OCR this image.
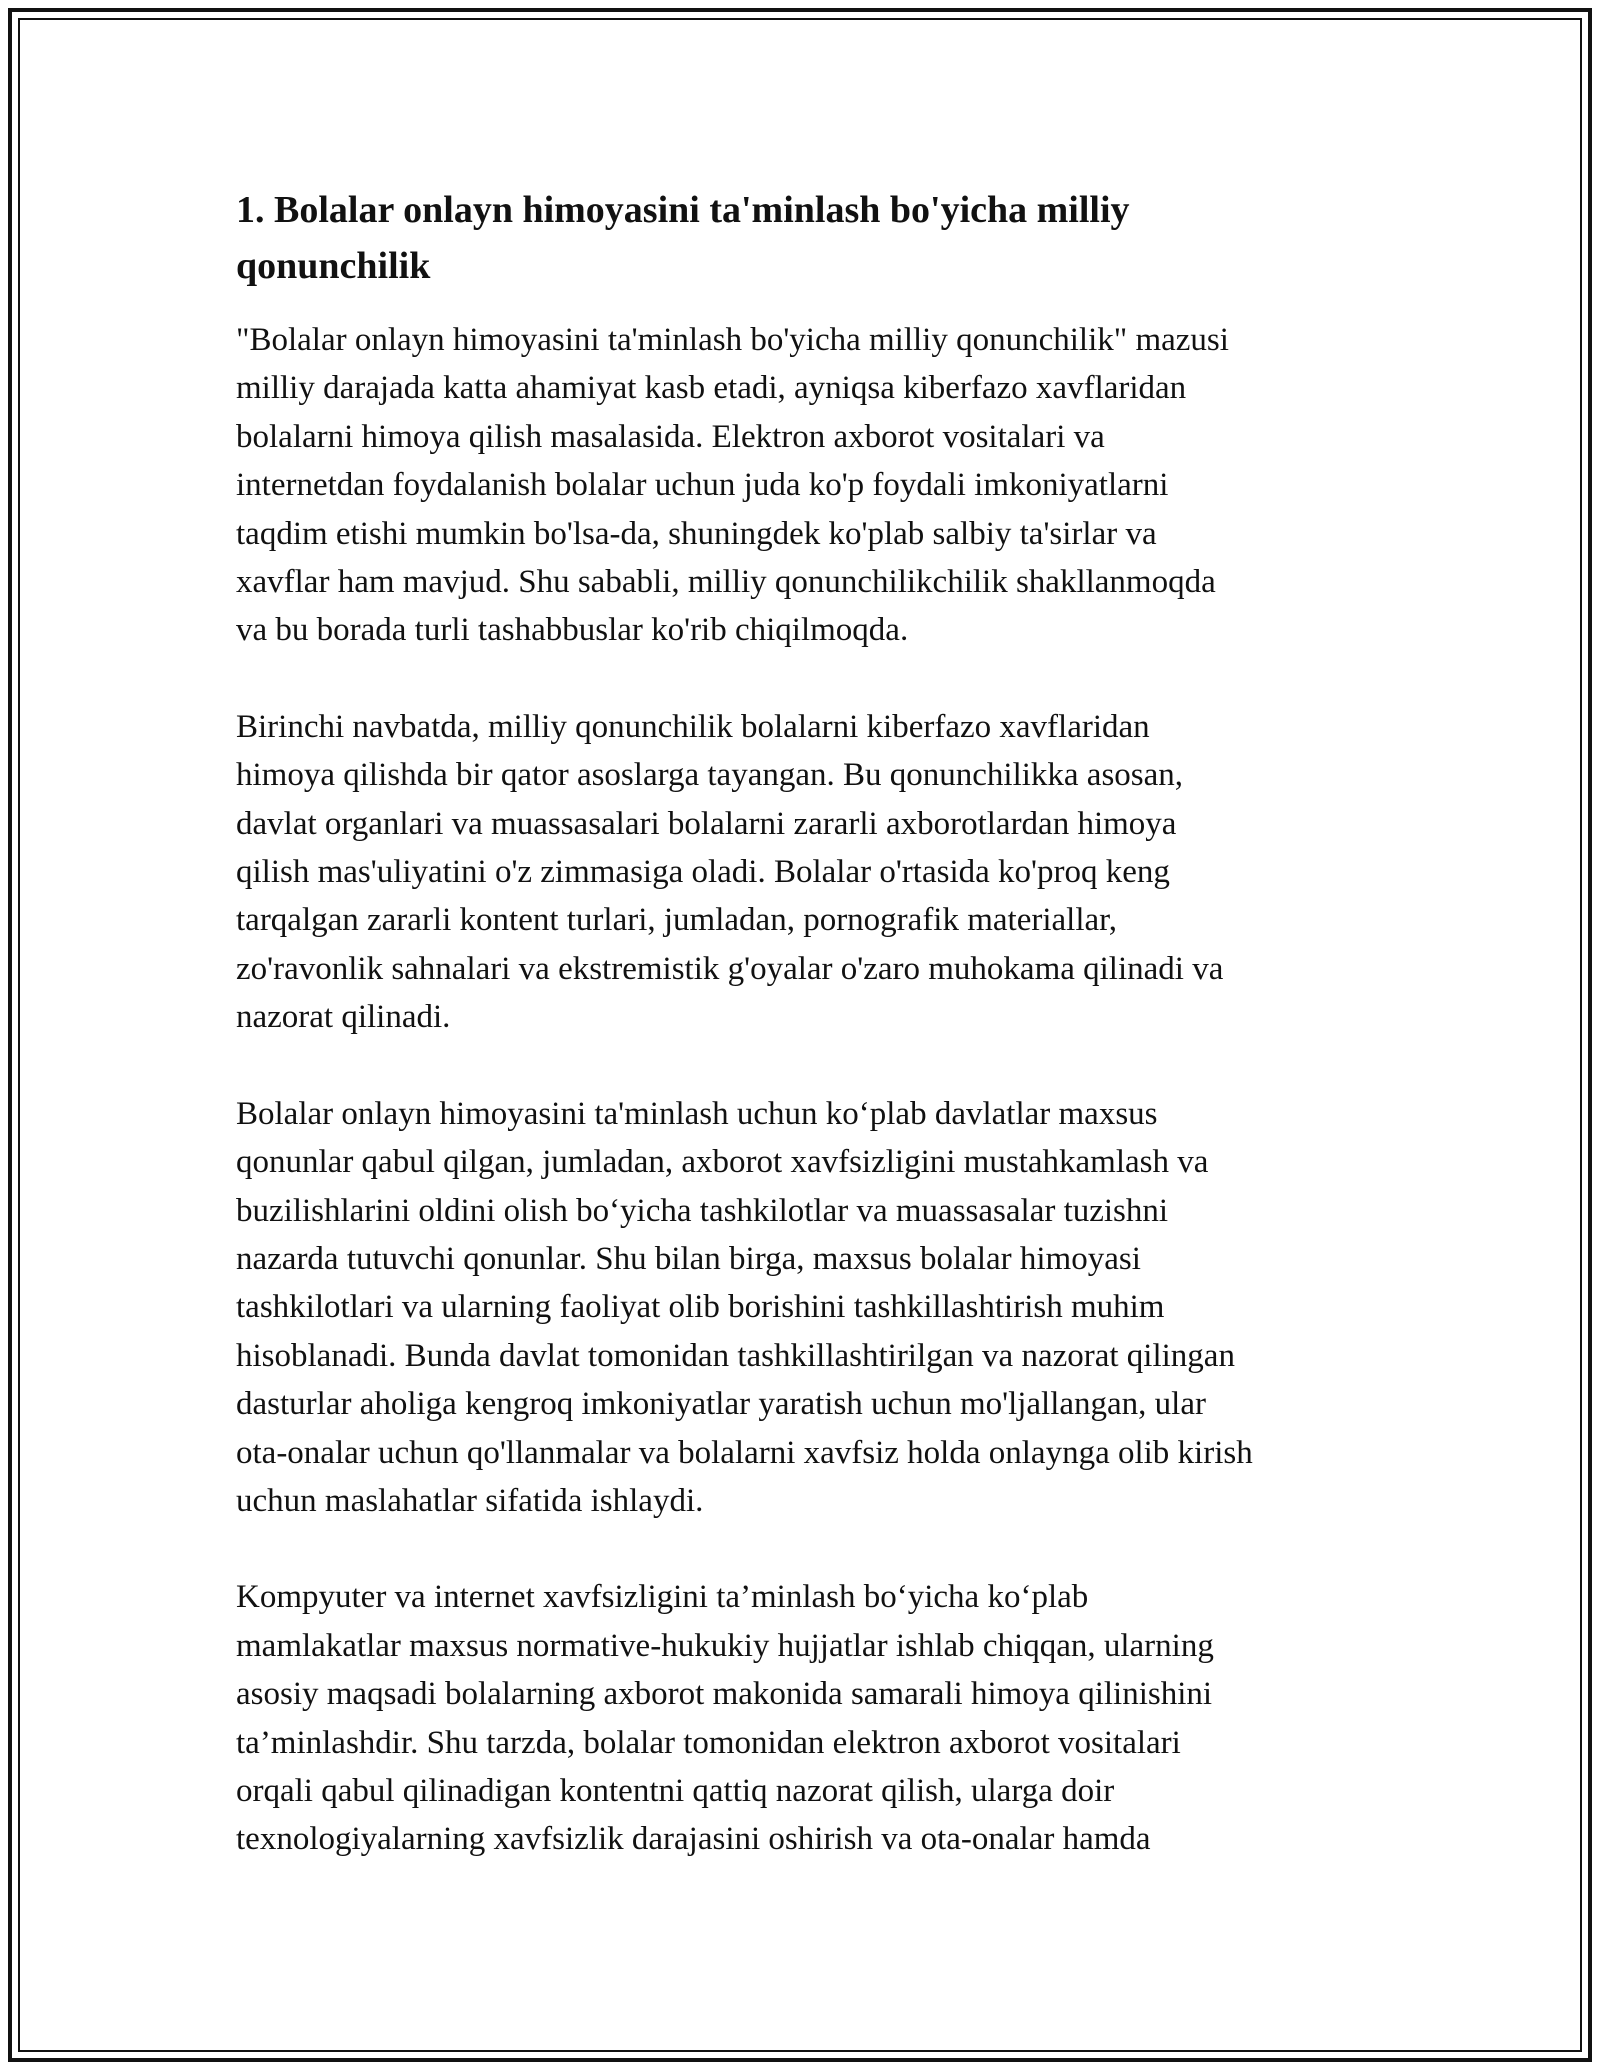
1. Bolalar onlayn himoyasini ta'minlash bo'yicha milliy qonunchilik

"Bolalar onlayn himoyasini ta'minlash bo'yicha milliy qonunchilik" mazusi
milliy darajada katta ahamiyat kasb etadi, ayniqsa kiberfazo xavflaridan
bolalarni himoya qilish masalasida. Elektron axborot vositalari va
internetdan foydalanish bolalar uchun juda ko'p foydali imkoniyatlarni
taqdim etishi mumkin bo'lsa-da, shuningdek ko'plab salbiy ta'sirlar va
xavflar ham mavjud. Shu sababli, milliy qonunchilikchilik shakllanmoqda
va bu borada turli tashabbuslar ko'rib chiqilmoqda.

Birinchi navbatda, milliy qonunchilik bolalarni kiberfazo xavflaridan
himoya qilishda bir qator asoslarga tayangan. Bu qonunchilikka asosan,
davlat organlari va muassasalari bolalarni zararli axborotlardan himoya
qilish mas'uliyatini o'z zimmasiga oladi. Bolalar o'rtasida ko'proq keng
tarqalgan zararli kontent turlari, jumladan, pornografik materiallar,
zo'ravonlik sahnalari va ekstremistik g'oyalar o'zaro muhokama qilinadi va
nazorat qilinadi.

Bolalar onlayn himoyasini ta'minlash uchun ko‘plab davlatlar maxsus
qonunlar qabul qilgan, jumladan, axborot xavfsizligini mustahkamlash va
buzilishlarini oldini olish bo‘yicha tashkilotlar va muassasalar tuzishni
nazarda tutuvchi qonunlar. Shu bilan birga, maxsus bolalar himoyasi
tashkilotlari va ularning faoliyat olib borishini tashkillashtirish muhim
hisoblanadi. Bunda davlat tomonidan tashkillashtirilgan va nazorat qilingan
dasturlar aholiga kengroq imkoniyatlar yaratish uchun mo'ljallangan, ular
ota-onalar uchun qo'llanmalar va bolalarni xavfsiz holda onlaynga olib kirish
uchun maslahatlar sifatida ishlaydi.

Kompyuter va internet xavfsizligini ta’minlash bo‘yicha ko‘plab
mamlakatlar maxsus normative-hukukiy hujjatlar ishlab chiqqan, ularning
asosiy maqsadi bolalarning axborot makonida samarali himoya qilinishini
ta’minlashdir. Shu tarzda, bolalar tomonidan elektron axborot vositalari
orqali qabul qilinadigan kontentni qattiq nazorat qilish, ularga doir
texnologiyalarning xavfsizlik darajasini oshirish va ota-onalar hamda
